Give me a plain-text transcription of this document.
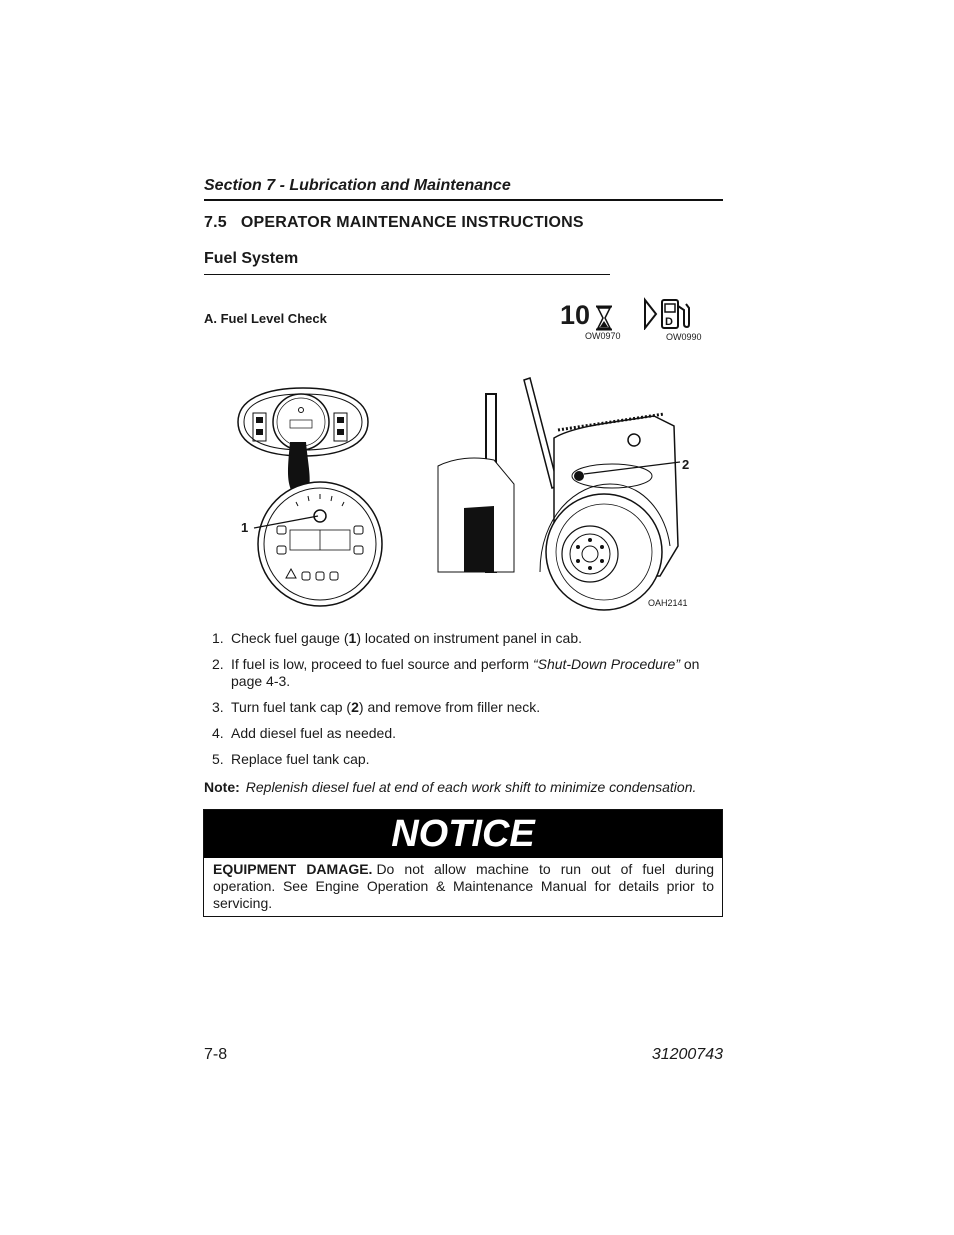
Section 7 - Lubrication and Maintenance
7.5 OPERATOR MAINTENANCE INSTRUCTIONS
Fuel System
A. Fuel Level Check	10
OW0970
D
OW0990
1
2
OAH2141
1. Check fuel gauge (1) located on instrument panel in cab.
2. If fuel is low, proceed to fuel source and perform “Shut-Down Procedure” on page 4-3.
3. Turn fuel tank cap (2) and remove from filler neck.
4. Add diesel fuel as needed.
5. Replace fuel tank cap.
Note: Replenish diesel fuel at end of each work shift to minimize condensation.
NOTICE
EQUIPMENT DAMAGE. Do not allow machine to run out of fuel during operation. See Engine Operation & Maintenance Manual for details prior to servicing.
7-8	31200743
